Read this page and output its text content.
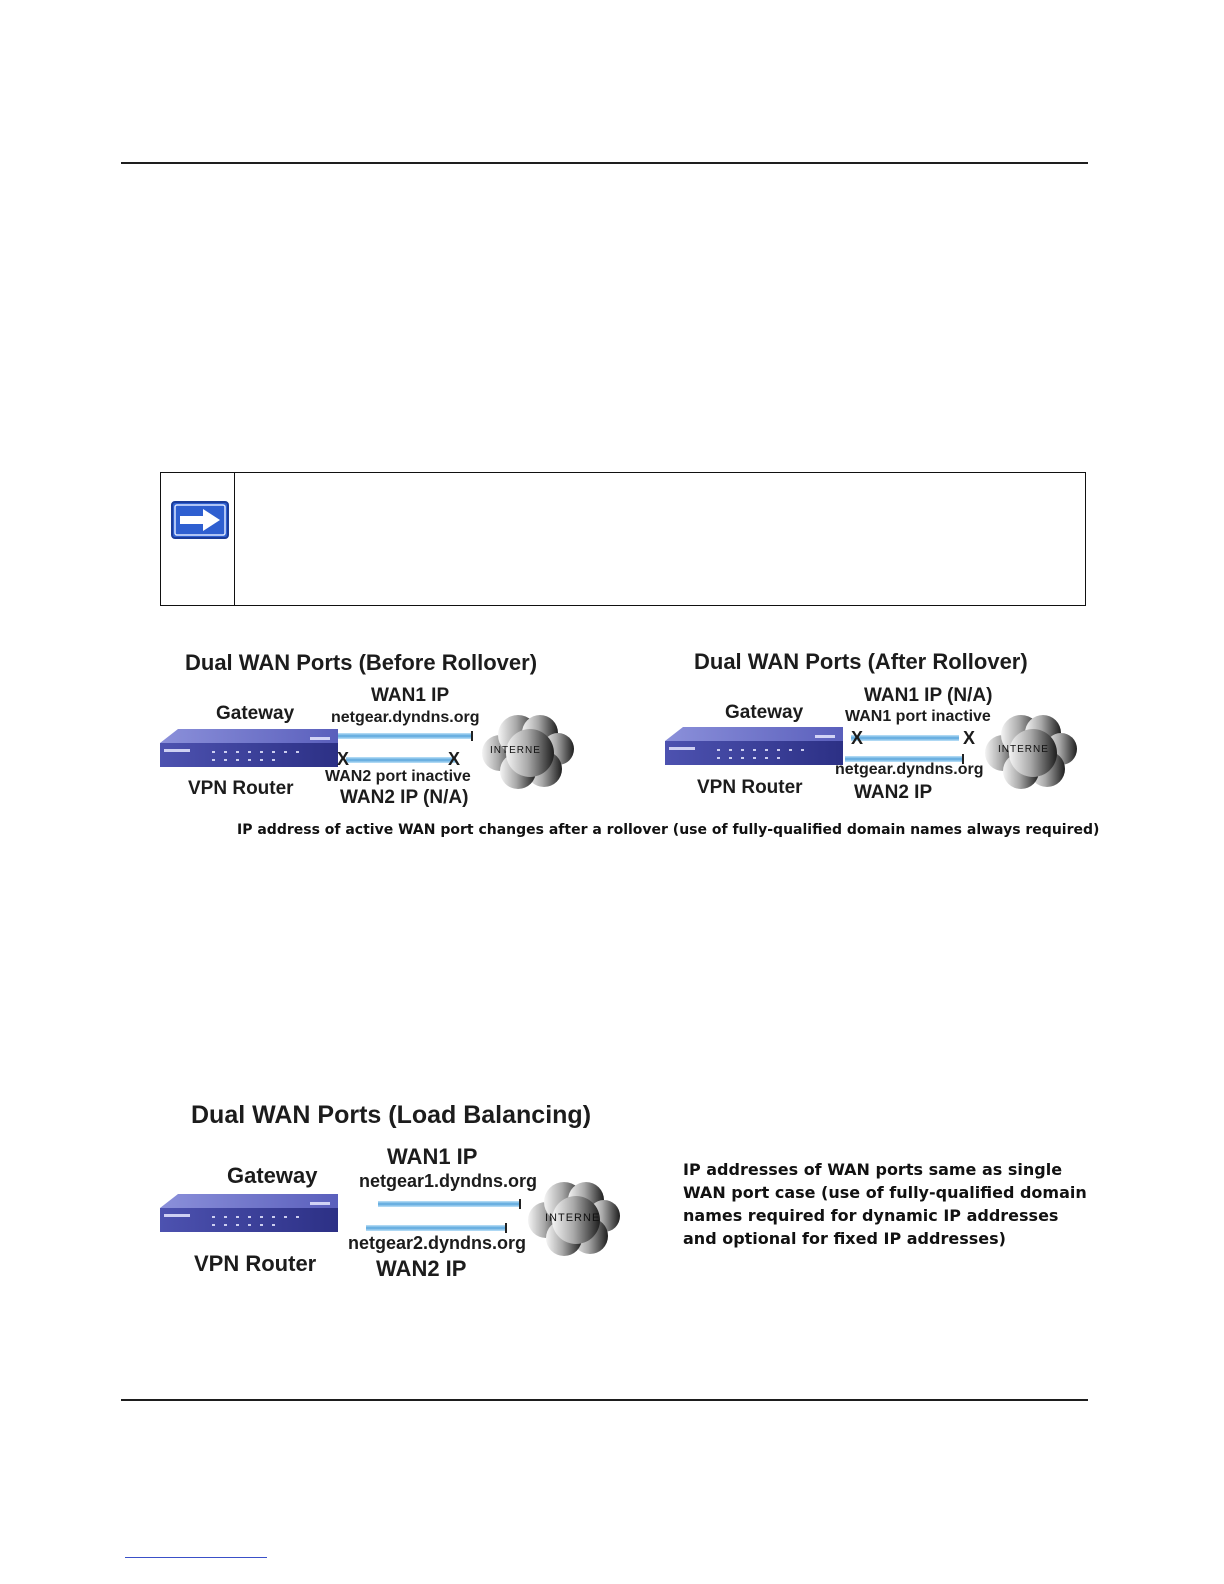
Dual WAN Ports (Before Rollover)
Gateway
WAN1 IP
netgear.dyndns.org
X	X
WAN2 port inactive
VPN Router WAN2 IP (N/A)
INTERNE
Dual WAN Ports (After Rollover)
Gateway
WAN1 IP (N/A)
WAN1 port inactive
X	X
netgear.dyndns.org
VPN Router	WAN2 IP
INTERNE
IP address of active WAN port changes after a rollover (use of fully-qualified domain names always required)
Dual WAN Ports (Load Balancing)
Gateway
WAN1 IP
netgear1.dyndns.org
netgear2.dyndns.org
VPN Router	WAN2 IP
INTERNE
IP addresses of WAN ports same as single
WAN port case (use of fully-qualified domain
names required for dynamic IP addresses
and optional for fixed IP addresses)
